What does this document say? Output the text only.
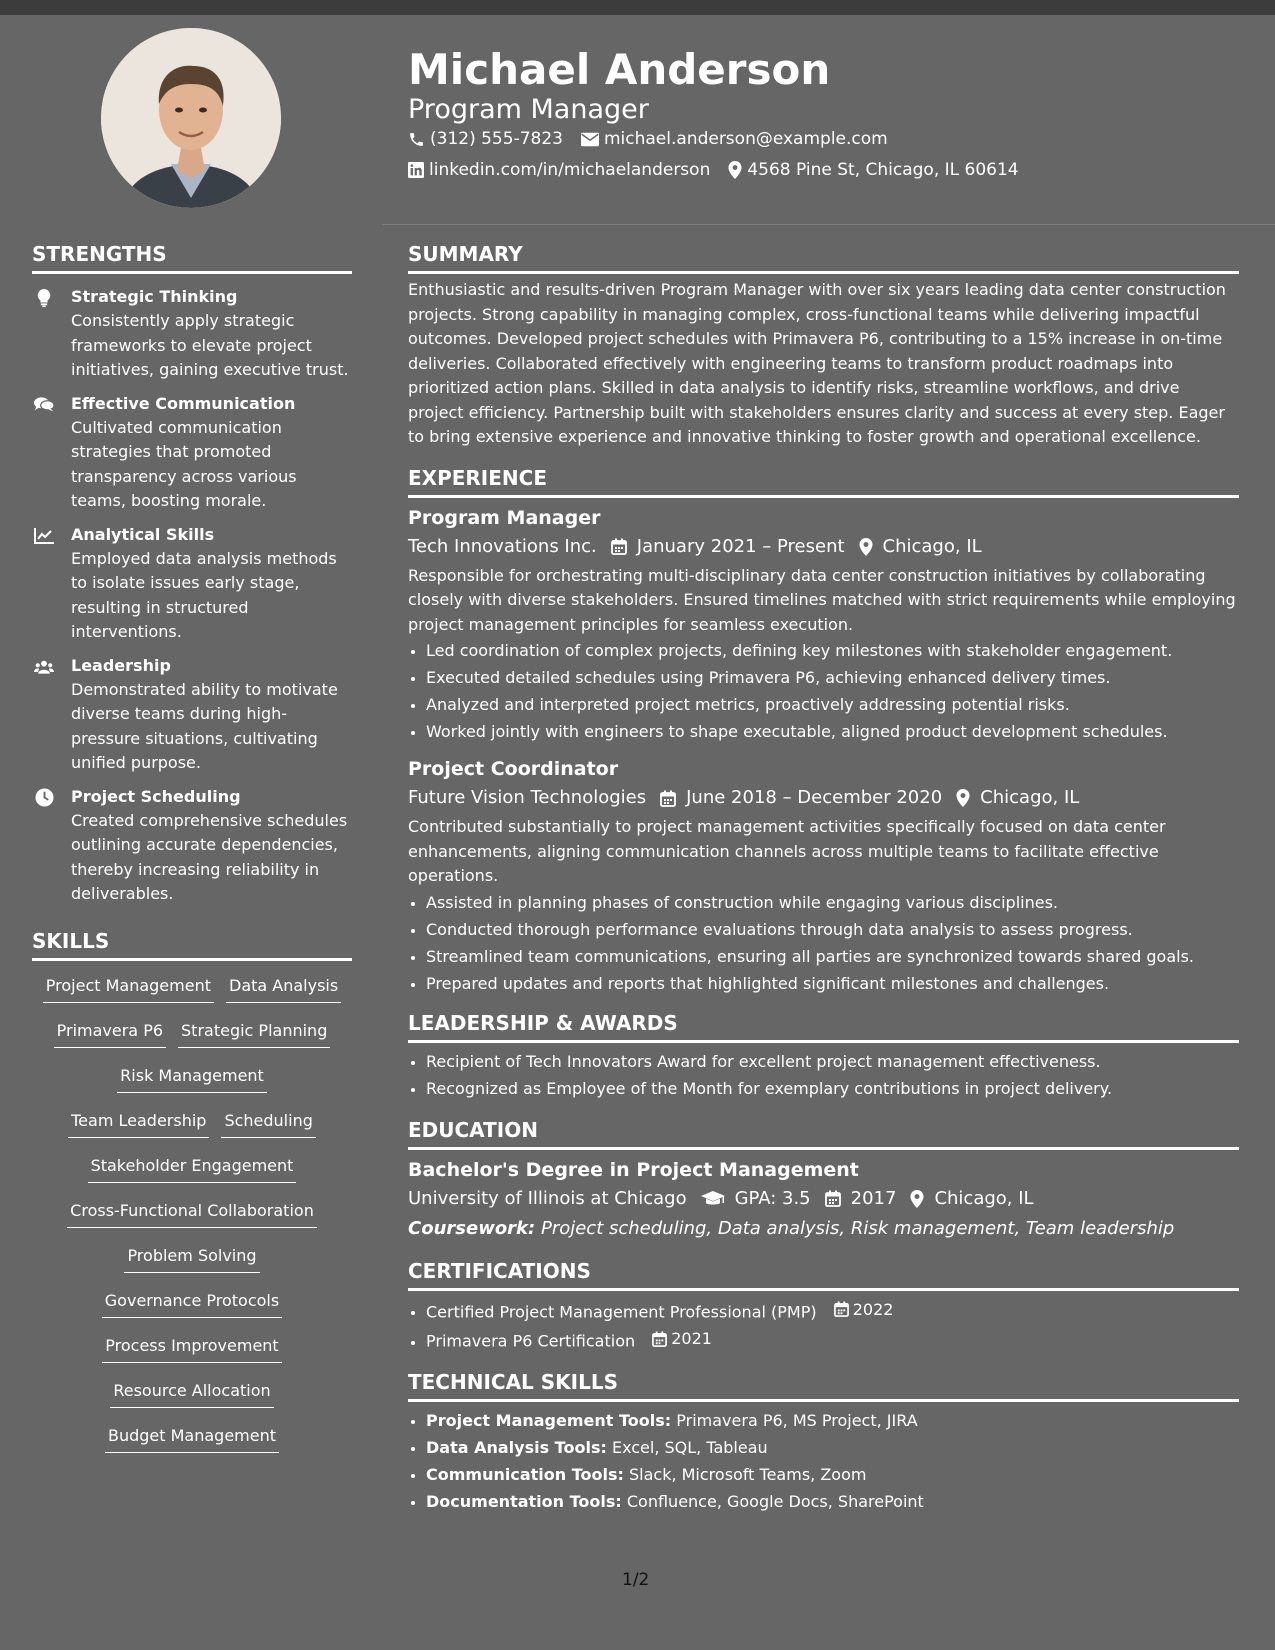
Michael Anderson
Program Manager
(312) 555-7823 michael.anderson@example.com
linkedin.com/in/michaelanderson 4568 Pine St, Chicago, IL 60614
STRENGTHS
Strategic Thinking
Consistently apply strategic frameworks to elevate project initiatives, gaining executive trust.
Effective Communication
Cultivated communication strategies that promoted transparency across various teams, boosting morale.
Analytical Skills
Employed data analysis methods to isolate issues early stage, resulting in structured interventions.
Leadership
Demonstrated ability to motivate diverse teams during high-pressure situations, cultivating unified purpose.
Project Scheduling
Created comprehensive schedules outlining accurate dependencies, thereby increasing reliability in deliverables.
SKILLS
Project Management Data Analysis
Primavera P6 Strategic Planning
Risk Management
Team Leadership Scheduling
Stakeholder Engagement
Cross-Functional Collaboration
Problem Solving
Governance Protocols
Process Improvement
Resource Allocation
Budget Management
SUMMARY
Enthusiastic and results-driven Program Manager with over six years leading data center construction projects. Strong capability in managing complex, cross-functional teams while delivering impactful outcomes. Developed project schedules with Primavera P6, contributing to a 15% increase in on-time deliveries. Collaborated effectively with engineering teams to transform product roadmaps into prioritized action plans. Skilled in data analysis to identify risks, streamline workflows, and drive project efficiency. Partnership built with stakeholders ensures clarity and success at every step. Eager to bring extensive experience and innovative thinking to foster growth and operational excellence.
EXPERIENCE
Program Manager
Tech Innovations Inc. January 2021 – Present Chicago, IL
Responsible for orchestrating multi-disciplinary data center construction initiatives by collaborating closely with diverse stakeholders. Ensured timelines matched with strict requirements while employing project management principles for seamless execution.
• Led coordination of complex projects, defining key milestones with stakeholder engagement.
• Executed detailed schedules using Primavera P6, achieving enhanced delivery times.
• Analyzed and interpreted project metrics, proactively addressing potential risks.
• Worked jointly with engineers to shape executable, aligned product development schedules.
Project Coordinator
Future Vision Technologies June 2018 – December 2020 Chicago, IL
Contributed substantially to project management activities specifically focused on data center enhancements, aligning communication channels across multiple teams to facilitate effective operations.
• Assisted in planning phases of construction while engaging various disciplines.
• Conducted thorough performance evaluations through data analysis to assess progress.
• Streamlined team communications, ensuring all parties are synchronized towards shared goals.
• Prepared updates and reports that highlighted significant milestones and challenges.
LEADERSHIP & AWARDS
• Recipient of Tech Innovators Award for excellent project management effectiveness.
• Recognized as Employee of the Month for exemplary contributions in project delivery.
EDUCATION
Bachelor's Degree in Project Management
University of Illinois at Chicago	GPA: 3.5 2017 Chicago, IL
Coursework: Project scheduling, Data analysis, Risk management, Team leadership
CERTIFICATIONS
• Certified Project Management Professional (PMP) 2022
• Primavera P6 Certification 2021
TECHNICAL SKILLS
• Project Management Tools: Primavera P6, MS Project, JIRA
• Data Analysis Tools: Excel, SQL, Tableau
• Communication Tools: Slack, Microsoft Teams, Zoom
• Documentation Tools: Confluence, Google Docs, SharePoint
1/2
